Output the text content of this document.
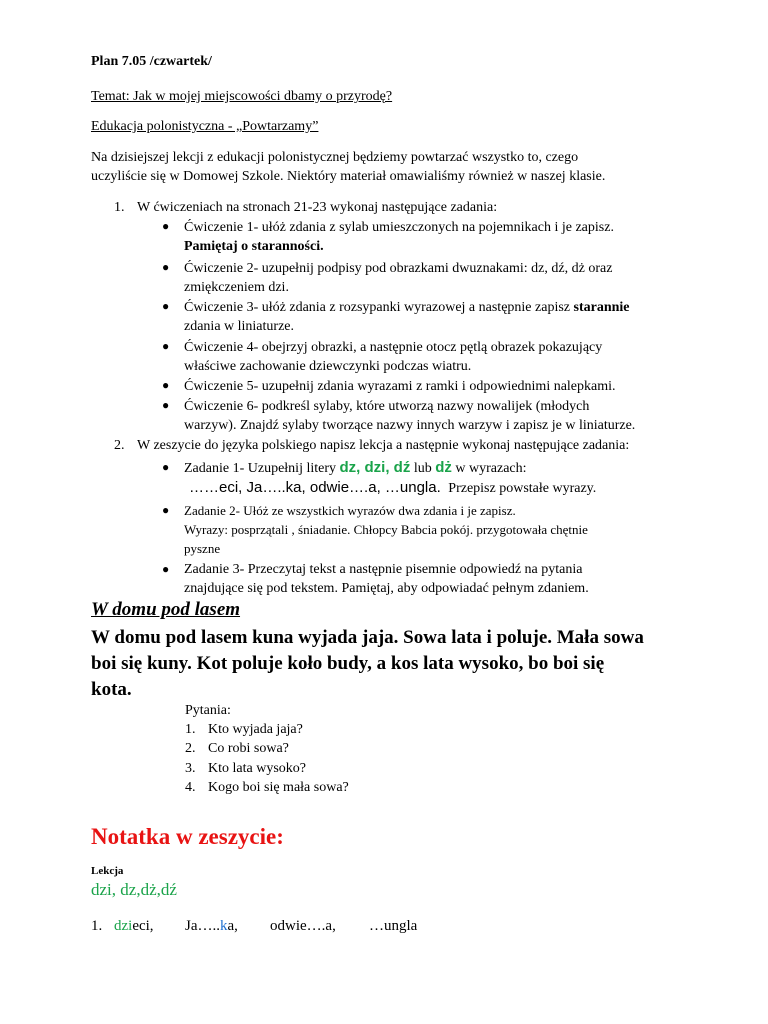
Plan 7.05 /czwartek/
Temat: Jak w mojej miejscowości dbamy o przyrodę?
Edukacja polonistyczna - „Powtarzamy”
Na dzisiejszej lekcji z edukacji polonistycznej będziemy powtarzać wszystko to, czego
uczyliście się w Domowej Szkole. Niektóry materiał omawialiśmy również w naszej klasie.
1. W ćwiczeniach na stronach 21-23 wykonaj następujące zadania:
● Ćwiczenie 1- ułóż zdania z sylab umieszczonych na pojemnikach i je zapisz.
Pamiętaj o staranności.
● Ćwiczenie 2- uzupełnij podpisy pod obrazkami dwuznakami: dz, dź, dż oraz
zmiękczeniem dzi.
● Ćwiczenie 3- ułóż zdania z rozsypanki wyrazowej a następnie zapisz starannie
zdania w liniaturze.
● Ćwiczenie 4- obejrzyj obrazki, a następnie otocz pętlą obrazek pokazujący
właściwe zachowanie dziewczynki podczas wiatru.
● Ćwiczenie 5- uzupełnij zdania wyrazami z ramki i odpowiednimi nalepkami.
● Ćwiczenie 6- podkreśl sylaby, które utworzą nazwy nowalijek (młodych
warzyw). Znajdź sylaby tworzące nazwy innych warzyw i zapisz je w liniaturze.
2. W zeszycie do języka polskiego napisz lekcja a następnie wykonaj następujące zadania:
● Zadanie 1- Uzupełnij litery dz, dzi, dź lub dż w wyrazach:
……eci, Ja…..ka, odwie….a, …ungla. Przepisz powstałe wyrazy.
● Zadanie 2- Ułóż ze wszystkich wyrazów dwa zdania i je zapisz.
Wyrazy: posprzątali , śniadanie. Chłopcy Babcia pokój. przygotowała chętnie
pyszne
● Zadanie 3- Przeczytaj tekst a następnie pisemnie odpowiedź na pytania
znajdujące się pod tekstem. Pamiętaj, aby odpowiadać pełnym zdaniem.
W domu pod lasem
W domu pod lasem kuna wyjada jaja. Sowa lata i poluje. Mała sowa
boi się kuny. Kot poluje koło budy, a kos lata wysoko, bo boi się
kota.
Pytania:
1. Kto wyjada jaja?
2. Co robi sowa?
3. Kto lata wysoko?
4. Kogo boi się mała sowa?
Notatka w zeszycie:
Lekcja
dzi, dz,dż,dź
1. dzieci, Ja…..ka, odwie….a, …ungla
